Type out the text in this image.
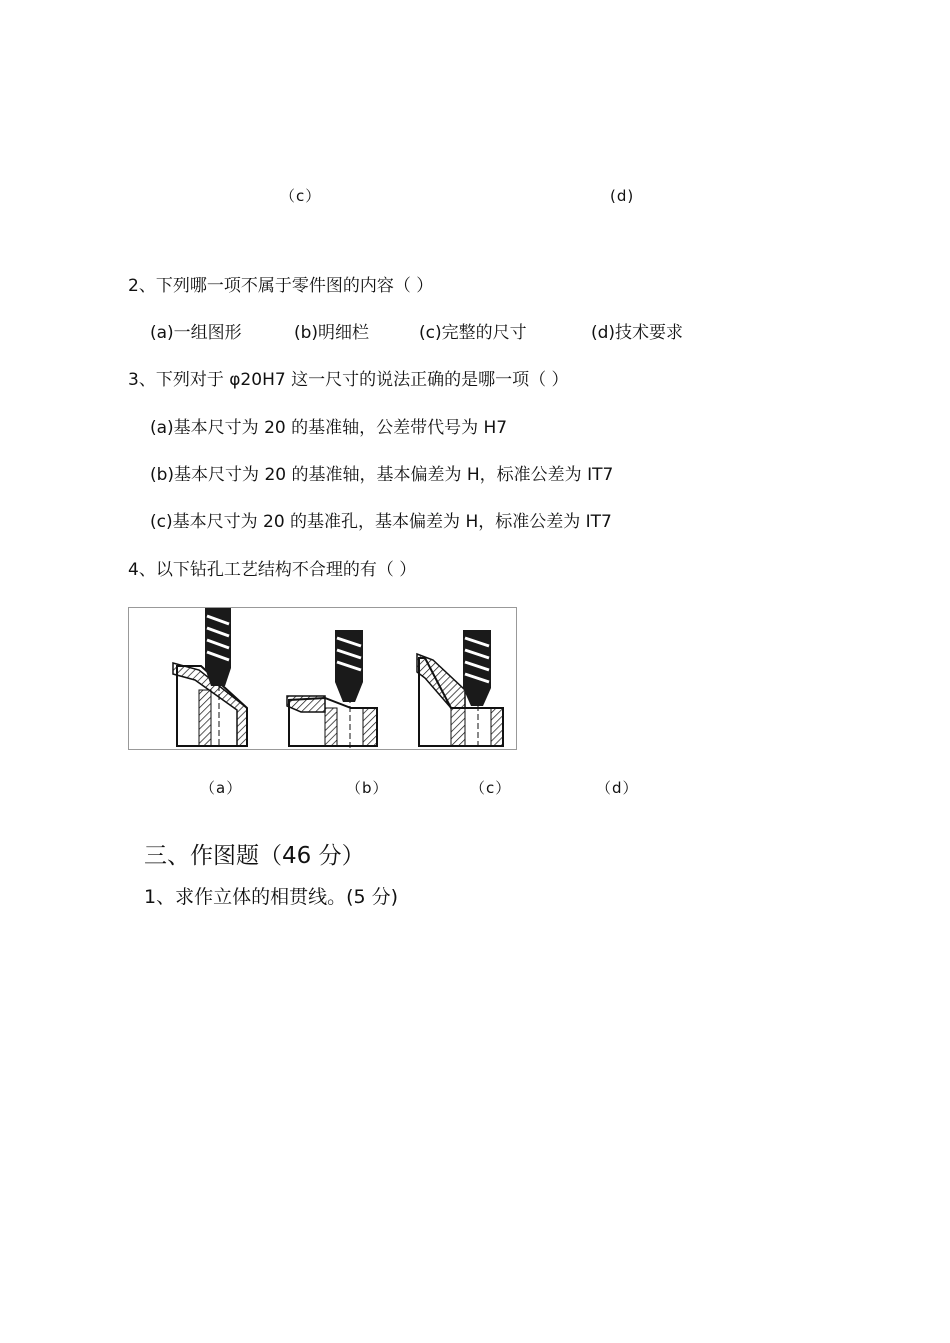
（c）	(d)
2、下列哪一项不属于零件图的内容（ ）
(a)一组图形	(b)明细栏	(c)完整的尺寸	(d)技术要求
3、下列对于 φ20H7 这一尺寸的说法正确的是哪一项（ ）
(a)基本尺寸为 20 的基准轴，公差带代号为 H7
(b)基本尺寸为 20 的基准轴，基本偏差为 H，标准公差为 IT7
(c)基本尺寸为 20 的基准孔，基本偏差为 H，标准公差为 IT7
4、以下钻孔工艺结构不合理的有（ ）
（a）	（b）	（c）	（d）
三、作图题（46 分）
1、求作立体的相贯线。(5 分)
